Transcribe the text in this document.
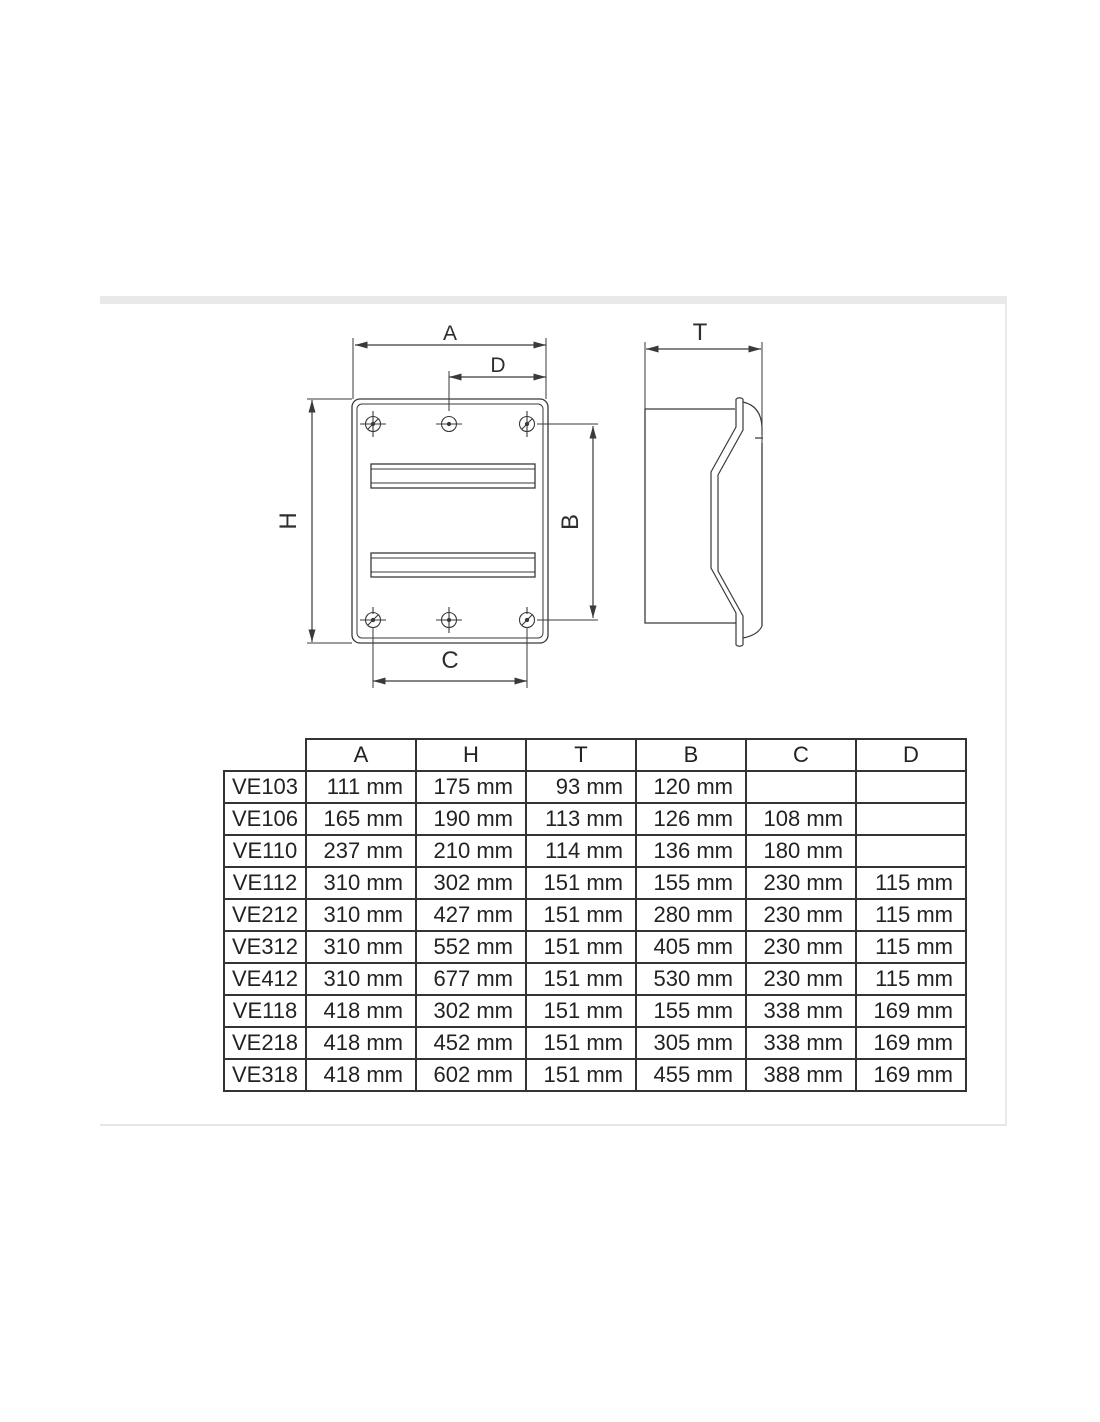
A
D
H	B
C
T
	A	H	T	B	C	D
VE103	111 mm	175 mm	93 mm	120 mm		
VE106	165 mm	190 mm	113 mm	126 mm	108 mm	
VE110	237 mm	210 mm	114 mm	136 mm	180 mm	
VE112	310 mm	302 mm	151 mm	155 mm	230 mm	115 mm
VE212	310 mm	427 mm	151 mm	280 mm	230 mm	115 mm
VE312	310 mm	552 mm	151 mm	405 mm	230 mm	115 mm
VE412	310 mm	677 mm	151 mm	530 mm	230 mm	115 mm
VE118	418 mm	302 mm	151 mm	155 mm	338 mm	169 mm
VE218	418 mm	452 mm	151 mm	305 mm	338 mm	169 mm
VE318	418 mm	602 mm	151 mm	455 mm	388 mm	169 mm
